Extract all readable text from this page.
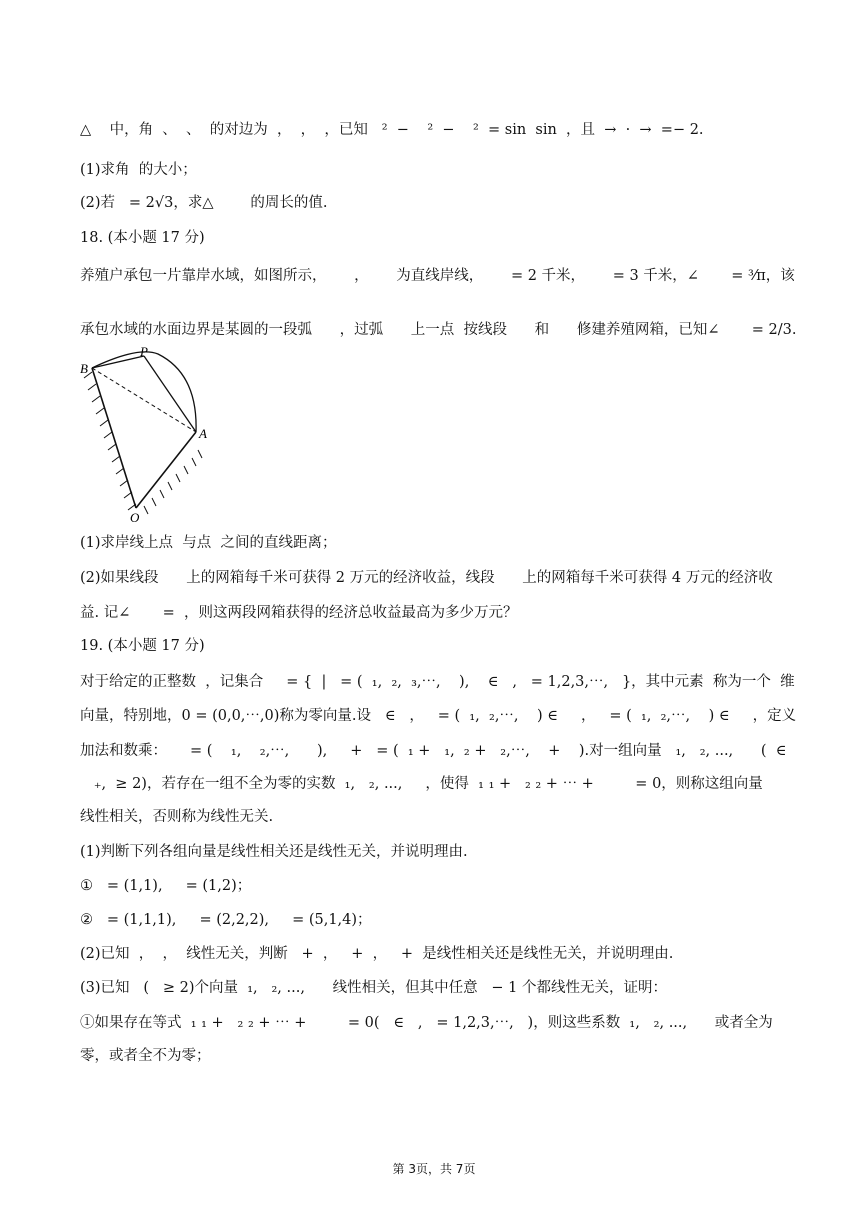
△    中，角  、  、  的对边为  ，  ，  ，已知   ²  −    ²  −    ²  = sin  sin  ，且  →  ·  →  =− 2.
(1)求角  的大小；
(2)若   = 2√3，求△        的周长的值.
18. (本小题 17 分)
养殖户承包一片靠岸水域，如图所示，      ，      为直线岸线，      = 2 千米，      = 3 千米，∠       = ³⁄π，该
承包水域的水面边界是某圆的一段弧      ，过弧      上一点  按线段      和      修建养殖网箱，已知∠       = 2/3.
B
P
A
O
(1)求岸线上点  与点  之间的直线距离；
(2)如果线段      上的网箱每千米可获得 2 万元的经济收益，线段      上的网箱每千米可获得 4 万元的经济收
益. 记∠       =  ，则这两段网箱获得的经济总收益最高为多少万元？
19. (本小题 17 分)
对于给定的正整数  ，记集合     = {  |   = (  ₁,  ₂,  ₃,⋯,    ),    ∈   ,   = 1,2,3,⋯,   }，其中元素  称为一个  维
向量，特别地，0 = (0,0,⋯,0)称为零向量.设   ∈   ，   = (  ₁,  ₂,⋯,    ) ∈     ，   = (  ₁,  ₂,⋯,    ) ∈     ，定义
加法和数乘：     = (    ₁,    ₂,⋯,      ),     +   = (  ₁ +   ₁,  ₂ +   ₂,⋯,    +    ).对一组向量   ₁,   ₂, ...,      (  ∈
₊,  ≥ 2)，若存在一组不全为零的实数  ₁,   ₂, ...,     ，使得  ₁ ₁ +   ₂ ₂ + ⋯ +         = 0，则称这组向量
线性相关，否则称为线性无关.
(1)判断下列各组向量是线性相关还是线性无关，并说明理由.
①   = (1,1),     = (1,2)；
②   = (1,1,1),     = (2,2,2),     = (5,1,4)；
(2)已知  ，  ，  线性无关，判断   +  ，   +  ，   +  是线性相关还是线性无关，并说明理由.
(3)已知   (   ≥ 2)个向量  ₁,   ₂, ...,      线性相关，但其中任意   − 1 个都线性无关，证明：
①如果存在等式  ₁ ₁ +   ₂ ₂ + ⋯ +         = 0(   ∈   ,   = 1,2,3,⋯,   )，则这些系数  ₁,   ₂, ...,      或者全为
零，或者全不为零；
第 3页，共 7页
